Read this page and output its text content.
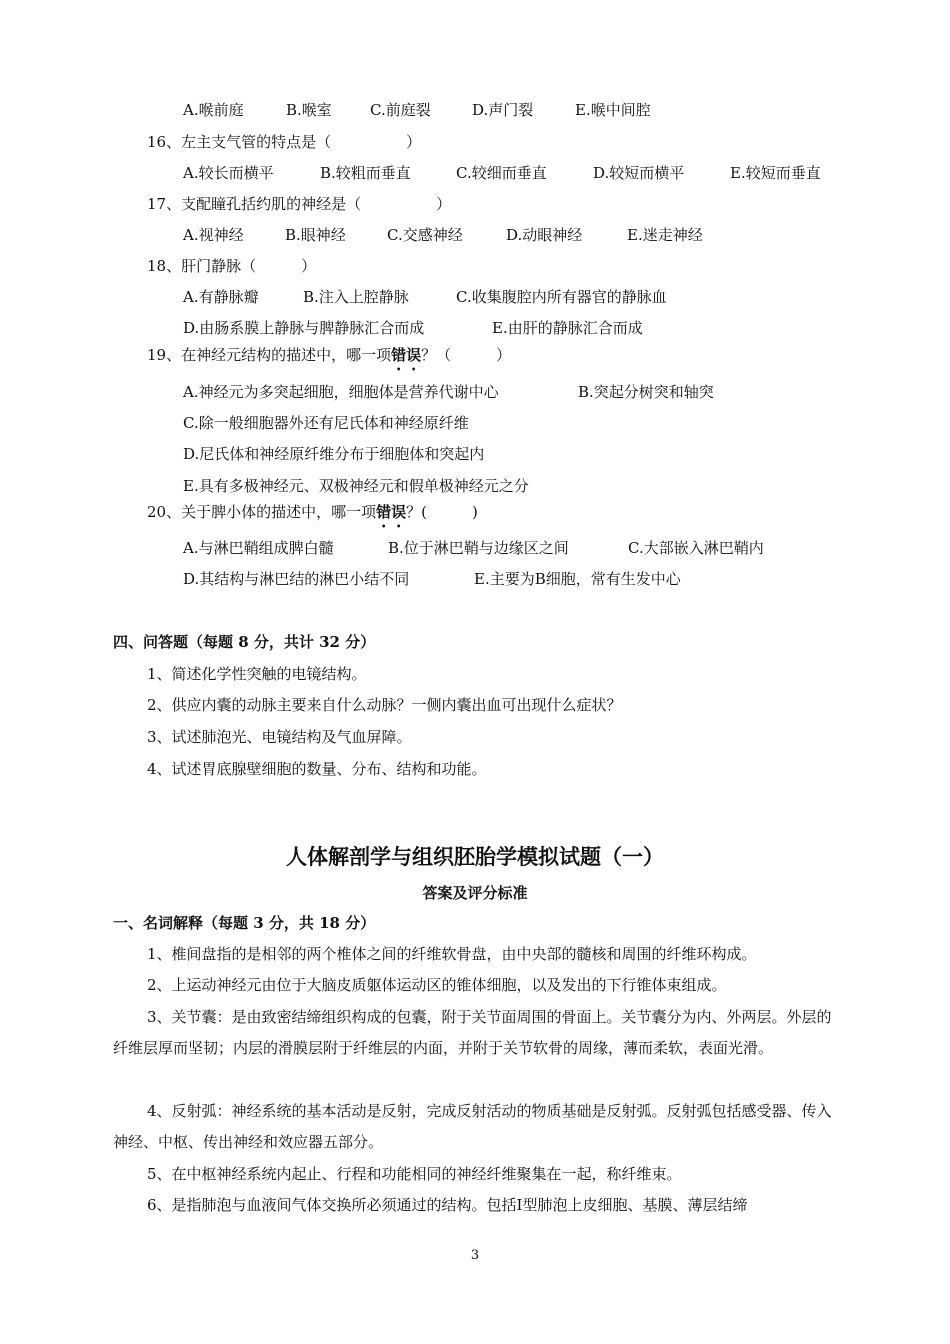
A.喉前庭	B.喉室	C.前庭裂	D.声门裂	E.喉中间腔
16、左主支气管的特点是（　　　　　）
A.较长而横平	B.较粗而垂直	C.较细而垂直	D.较短而横平	E.较短而垂直
17、支配瞳孔括约肌的神经是（　　　　　）
A.视神经	B.眼神经	C.交感神经	D.动眼神经	E.迷走神经
18、肝门静脉（　　　）
A.有静脉瓣	B.注入上腔静脉	C.收集腹腔内所有器官的静脉血
D.由肠系膜上静脉与脾静脉汇合而成	E.由肝的静脉汇合而成
19、在神经元结构的描述中，哪一项错误？（　　　）
A.神经元为多突起细胞，细胞体是营养代谢中心	B.突起分树突和轴突
C.除一般细胞器外还有尼氏体和神经原纤维
D.尼氏体和神经原纤维分布于细胞体和突起内
E.具有多极神经元、双极神经元和假单极神经元之分
20、关于脾小体的描述中，哪一项错误？(　　　)
A.与淋巴鞘组成脾白髓	B.位于淋巴鞘与边缘区之间	C.大部嵌入淋巴鞘内
D.其结构与淋巴结的淋巴小结不同	E.主要为B细胞，常有生发中心
四、问答题（每题 8 分，共计 32 分）
1、简述化学性突触的电镜结构。
2、供应内囊的动脉主要来自什么动脉？一侧内囊出血可出现什么症状？
3、试述肺泡光、电镜结构及气血屏障。
4、试述胃底腺壁细胞的数量、分布、结构和功能。
人体解剖学与组织胚胎学模拟试题（一）
答案及评分标准
一、名词解释（每题 3 分，共 18 分）
1、椎间盘指的是相邻的两个椎体之间的纤维软骨盘，由中央部的髓核和周围的纤维环构成。
2、上运动神经元由位于大脑皮质躯体运动区的锥体细胞，以及发出的下行锥体束组成。
3、关节囊：是由致密结缔组织构成的包囊，附于关节面周围的骨面上。关节囊分为内、外两层。外层的纤维层厚而坚韧；内层的滑膜层附于纤维层的内面，并附于关节软骨的周缘，薄而柔软，表面光滑。
4、反射弧：神经系统的基本活动是反射，完成反射活动的物质基础是反射弧。反射弧包括感受器、传入神经、中枢、传出神经和效应器五部分。
5、在中枢神经系统内起止、行程和功能相同的神经纤维聚集在一起，称纤维束。
6、是指肺泡与血液间气体交换所必须通过的结构。包括Ⅰ型肺泡上皮细胞、基膜、薄层结缔
3
